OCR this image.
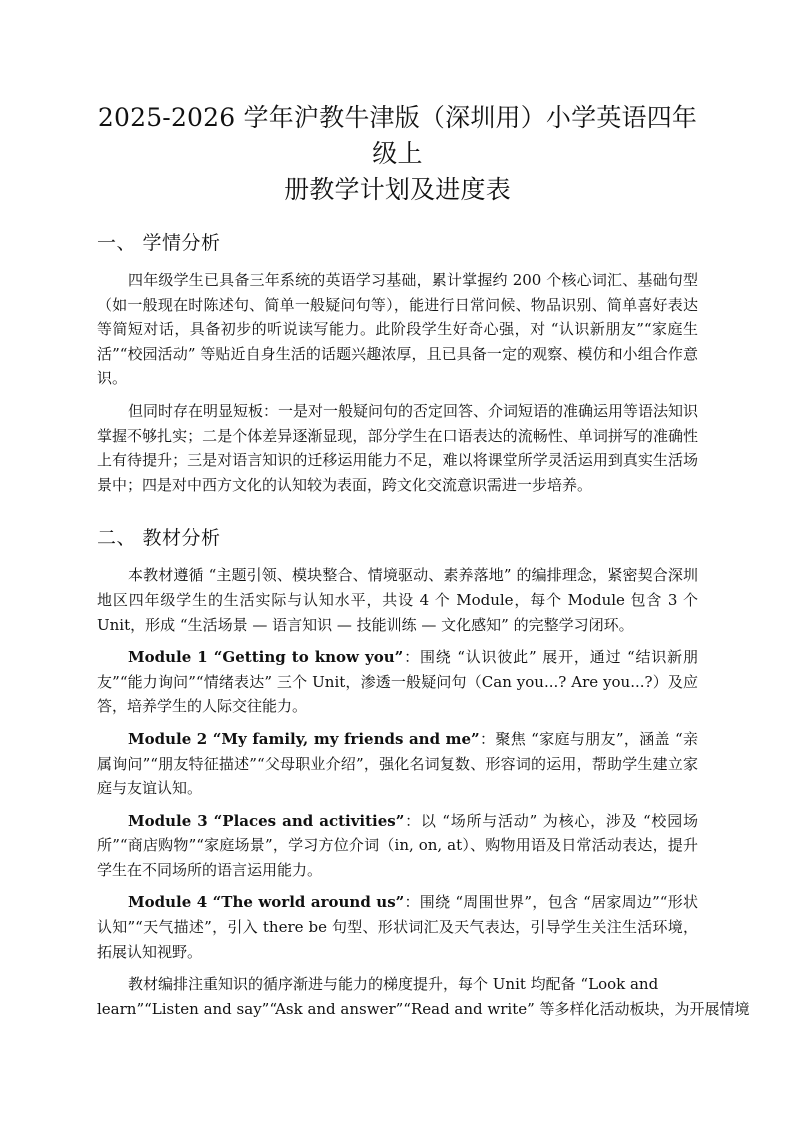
2025-2026 学年沪教牛津版（深圳用）小学英语四年级上
册教学计划及进度表
一、 学情分析

四年级学生已具备三年系统的英语学习基础，累计掌握约 200 个核心词汇、基础句型（如一般现在时陈述句、简单一般疑问句等），能进行日常问候、物品识别、简单喜好表达等简短对话，具备初步的听说读写能力。此阶段学生好奇心强，对 “认识新朋友”“家庭生活”“校园活动” 等贴近自身生活的话题兴趣浓厚，且已具备一定的观察、模仿和小组合作意识。

但同时存在明显短板：一是对一般疑问句的否定回答、介词短语的准确运用等语法知识掌握不够扎实；二是个体差异逐渐显现，部分学生在口语表达的流畅性、单词拼写的准确性上有待提升；三是对语言知识的迁移运用能力不足，难以将课堂所学灵活运用到真实生活场景中；四是对中西方文化的认知较为表面，跨文化交流意识需进一步培养。

二、 教材分析

本教材遵循 “主题引领、模块整合、情境驱动、素养落地” 的编排理念，紧密契合深圳地区四年级学生的生活实际与认知水平，共设 4 个 Module，每个 Module 包含 3 个 Unit，形成 “生活场景 — 语言知识 — 技能训练 — 文化感知” 的完整学习闭环。

Module 1 “Getting to know you”：围绕 “认识彼此” 展开，通过 “结识新朋友”“能力询问”“情绪表达” 三个 Unit，渗透一般疑问句（Can you...? Are you...?）及应答，培养学生的人际交往能力。

Module 2 “My family, my friends and me”：聚焦 “家庭与朋友”，涵盖 “亲属询问”“朋友特征描述”“父母职业介绍”，强化名词复数、形容词的运用，帮助学生建立家庭与友谊认知。

Module 3 “Places and activities”：以 “场所与活动” 为核心，涉及 “校园场所”“商店购物”“家庭场景”，学习方位介词（in, on, at）、购物用语及日常活动表达，提升学生在不同场所的语言运用能力。

Module 4 “The world around us”：围绕 “周围世界”，包含 “居家周边”“形状认知”“天气描述”，引入 there be 句型、形状词汇及天气表达，引导学生关注生活环境，拓展认知视野。

教材编排注重知识的循序渐进与能力的梯度提升，每个 Unit 均配备 “Look and
learn”“Listen and say”“Ask and answer”“Read and write” 等多样化活动板块，为开展情境
